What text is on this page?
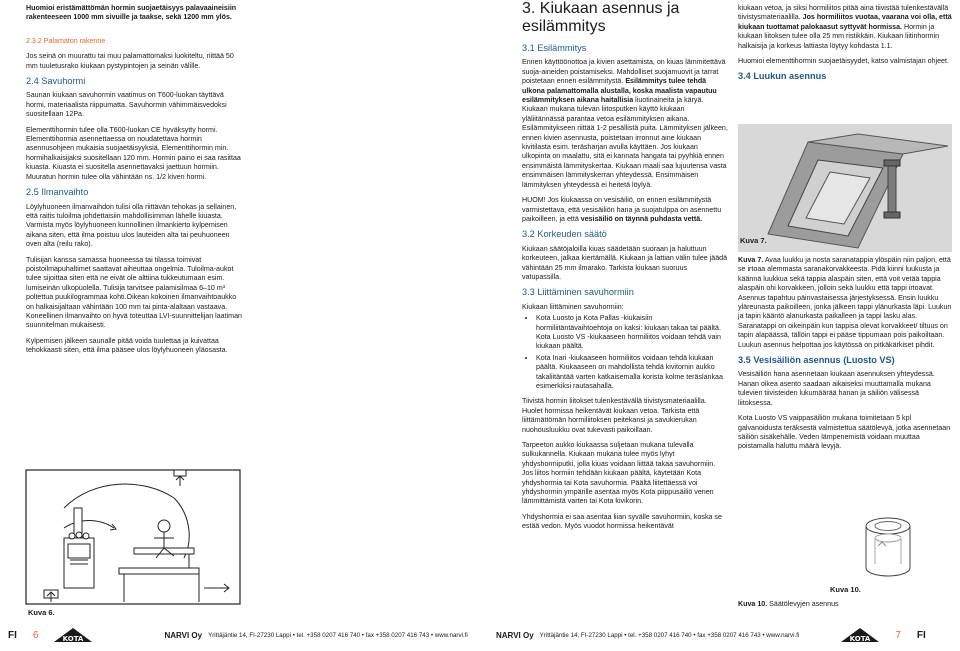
Huomioi eristämättömän hormin suojaetäisyys palavaaineisiin rakenteeseen 1000 mm sivuille ja taakse, sekä 1200 mm ylös.

2.3.2 Palamaton rakenne

Jos seinä on muurattu tai muu palamattomaksi luokiteltu, riittää 50 mm tuuletusrako kiukaan pystypintojen ja seinän välille.

2.4 Savuhormi

Saunan kiukaan savuhormin vaatimus on T600-luokan täyttävä hormi, materiaalista riippumatta. Savuhormin vähimmäisvedoksi suositellaan 12Pa.

Elementtihormin tulee olla T600-luokan CE hyväksytty hormi. Elementtihormia asennettaessa on noudatettava hormin asennusohjeen mukaisia suojaetäisyyksiä. Elementtihormin min. hormihalkaisijaksi suositellaan 120 mm. Hormin paino ei saa rasittaa kiuasta. Kiuasta ei suositella asennettavaksi jaettuun hormiin. Muuratun hormin tulee olla vähintään ns. 1/2 kiven hormi.

2.5 Ilmanvaihto

Löylyhuoneen ilmanvaihdon tulisi olla riittävän tehokas ja sellainen, että raitis tuloilma johdettaisiin mahdollisimman lähelle kiuasta. Varmista myös löylyhuoneen kunnollinen ilmankierto kylpemisen aikana siten, että ilma poistuu ulos lauteiden alta tai peuhuoneen oven alta (reilu rako).

Tulisijan kanssa samassa huoneessa tai tilassa toimivat poistoilmapuhaltimet saattavat aiheuttaa ongelmia. Tuloilma-aukot tulee sijoittaa siten että ne eivät ole alttiina tukkeutumaan esim. lumiseinän ulkopuolella. Tulisija tarvitsee palamisilmaa 6–10 m³ poltettua puukilogrammaa kohti.Oikean kokoinen ilmanvaihtoaukko on halkaisijaltaan vähintään 100 mm tai pinta-alaltaan vastaava. Koneellinen ilmanvaihto on hyvä toteuttaa LVI-suunnittelijan laatiman suunnitelman mukaisesti.

Kylpemisen jälkeen saunalle pitää voida tuulettaa ja kuivattaa tehokkaasti siten, että ilma pääsee ulos löylyhuoneen yläosasta.

Kuva 6.
FI 6	KOTA	NARVI Oy Yrittäjäntie 14, FI-27230 Lappi • tel. +358 0207 416 740 • fax +358 0207 416 743 • www.narvi.fi
3. Kiukaan asennus ja esilämmitys
3.1 Esilämmitys

Ennen käyttöönottoa ja kivien asettamista, on kiuas lämmitettävä suoja-aineiden poistamiseksi. Mahdolliset suojamuovit ja tarrat poistetaan ennen esilämmitystä. Esilämmitys tulee tehdä ulkona palamattomalla alustalla, koska maalista vapautuu esilämmityksen aikana haitallisia liuotinaineita ja käryä. Kiukaan mukana tulevan liitosputken käyttö kiukaan yläliitännässä parantaa vetoa esilämmityksen aikana. Esilämmitykseen riittää 1-2 pesällistä puita. Lämmityksen jälkeen, ennen kivien asennusta, poistetaan irronnut aine kiukaan kivitilasta esim. teräsharjan avulla käyttäen. Jos kiukaan ulkopinta on maalattu, sitä ei kannata hangata tai pyyhkiä ennen ensimmäistä lämmityskertaa. Kiukaan maali saa lujuutensa vasta ensimmäisen lämmityskerran yhteydessä. Ensimmäisen lämmityksen yhteydessä ei heitetä löylyä.

HUOM! Jos kiukaassa on vesisäiliö, on ennen esilämmitystä varmistettava, että vesisäiliön hana ja suojatulppa on asennettu paikoilleen, ja että vesisäiliö on täynnä puhdasta vettä.

3.2 Korkeuden säätö

Kiukaan säätöjaloilla kiuas säädetään suoraan ja haluttuun korkeuteen, jalkaa kiertämällä. Kiukaan ja lattian välin tulee jäädä vähintään 25 mm ilmarako. Tarkista kiukaan suoruus vatupassilla.

3.3 Liittäminen savuhormiin

Kiukaan liittäminen savuhormiin:

• Kota Luosto ja Kota Pallas -kiukaisiin hormiliitäntävaihtoehtoja on kaksi: kiukaan takaa tai päältä. Kota Luosto VS -kiukaaseen hormiliitos voidaan tehdä vain kiukaan päältä.
• Kota Inari -kiukaaseen hormiliitos voidaan tehdä kiukaan päältä. Kiukaaseen on mahdollista tehdä kivitornin aukko takaliitäntää varten katkaisemalla korista kolme teräslankaa esimerkiksi rautasahalla.

Tiivistä hormin liitokset tulenkestävällä tiivistysmateriaalilla. Huolet hormissa heikentävät kiukaan vetoa. Tarkista että liittämättömän hormiliitoksen peitekansi ja savukierukan nuohousluukku ovat tukevasti paikoillaan.

Tarpeeton aukko kiukaassa suljetaan mukana tulevalla sulkukannella. Kiukaan mukana tulee myös lyhyt yhdyshormiputki, jolla kiuas voidaan liittää takaa savuhormiin. Jos liitos hormiin tehdään kiukaan päältä, käytetään Kota yhdyshormia tai Kota savuhormia. Päältä liitettäessä voi yhdyshormin ympärille asentaa myös Kota piippusäiliö venen lämmittämistä varten tai Kota kivikorin.

Yhdyshormia ei saa asentaa liian syvälle savuhormiin, koska se estää vedon. Myös vuodot hormissa heikentävät

kiukaan vetoa, ja siksi hormiliitos pitää aina tiivistää tulenkestävällä tiivistysmateriaalilla. Jos hormiliitos vuotaa, vaarana voi olla, että kiukaan tuottamat palokaasut syttyvät hormissa. Hormin ja kiukaan liitoksen tulee olla 25 mm ristikkäin. Kiukaan liitinhormin halkaisija ja korkeus lattiasta löytyy kohdasta 1.1.

Huomioi elementtihormin suojaetäisyydet, katso valmistajan ohjeet.

3.4 Luukun asennus
Kuva 7.

Kuva 7. Avaa luukku ja nosta saranatappia ylöspäin niin paljon, että se irtoaa alemmasta saranakorvakkeesta. Pidä kiinni luukusta ja käännä luukkua sekä tappia alaspäin siten, että voit vetää tappia alaspäin ohi korvakkeen, jolloin sekä luukku että tappi irtoavat. Asennus tapahtuu päinvastaisessa järjestyksessä. Ensin luukku yläreunasta paikoilleen, jonka jälkeen tappi ylänurkasta läpi. Luukun ja tapin kääntö alanurkasta paikalleen ja tappi lasku alas. Saranatappi on oikeinpäin kun tappisa olevat korvakkeet/ tiltuus on tapin alapäässä, tällöin tappi ei pääse tippumaan pois paikoiltaan. Luukun asennus helpottaa jos käytössä on pitkäkärkiset pihdit.

3.5 Vesisäiliön asennus (Luosto VS)

Vesisäiliön hana asennetaan kiukaan asennuksen yhteydessä. Hanan oikea asento saadaan aikaiseksi muuttamalla mukana tulevien tiivisteiden lukumäärää hanan ja säiliön välisessä liitoksessa.

Kota Luosto VS vaippasäiliön mukana toimitetaan 5 kpl galvanoidusta teräksestä valmistettua säätölevyä, jotka asennetaan säiliön sisäkehälle. Veden lämpenemistä voidaan muuttaa poistamalla haluttu määrä levyjä.

Kuva 10.
Kuva 10. Säätölevyjen asennus
NARVI Oy Yrittäjäntie 14, FI-27230 Lappi • tel. +358 0207 416 740 • fax +358 0207 416 743 • www.narvi.fi	KOTA 7 FI
